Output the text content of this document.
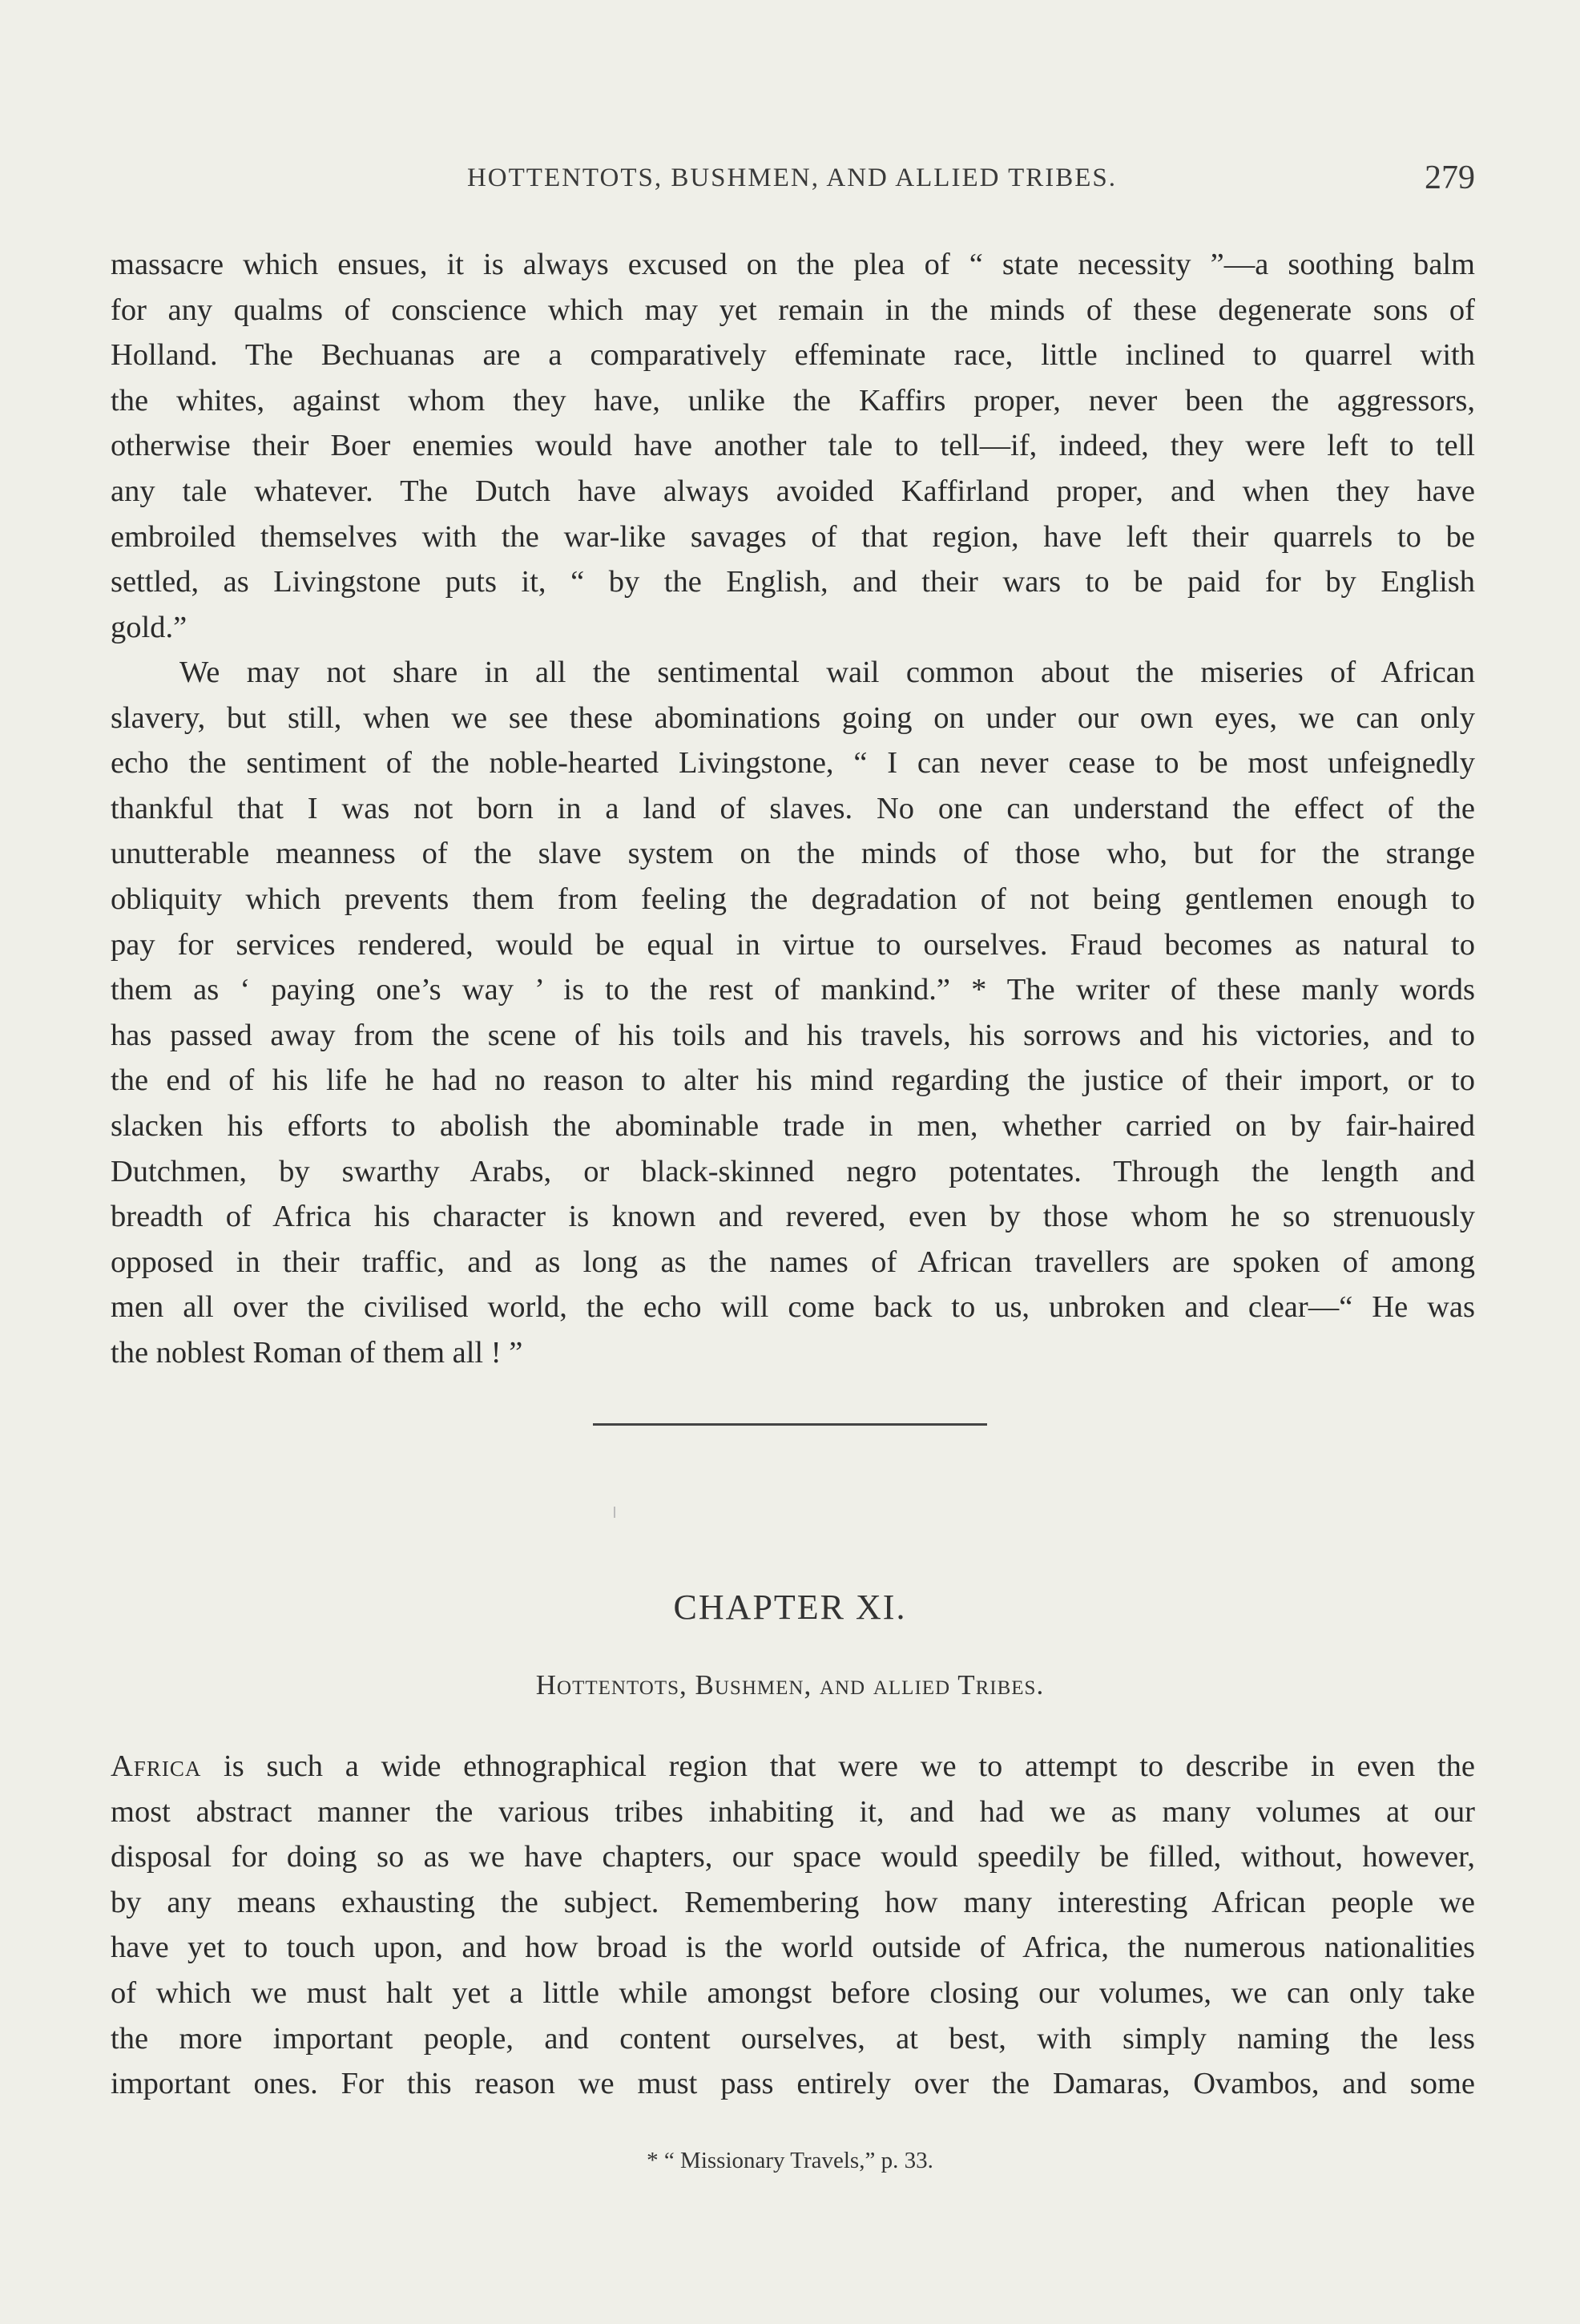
HOTTENTOTS, BUSHMEN, AND ALLIED TRIBES.	279

massacre which ensues, it is always excused on the plea of “ state necessity ”—a soothing balm
for any qualms of conscience which may yet remain in the minds of these degenerate sons of
Holland. The Bechuanas are a comparatively effeminate race, little inclined to quarrel with
the whites, against whom they have, unlike the Kaffirs proper, never been the aggressors,
otherwise their Boer enemies would have another tale to tell—if, indeed, they were left to tell
any tale whatever. The Dutch have always avoided Kaffirland proper, and when they have
embroiled themselves with the war-like savages of that region, have left their quarrels to be
settled, as Livingstone puts it, “ by the English, and their wars to be paid for by English
gold.”

We may not share in all the sentimental wail common about the miseries of African
slavery, but still, when we see these abominations going on under our own eyes, we can only
echo the sentiment of the noble-hearted Livingstone, “ I can never cease to be most unfeignedly
thankful that I was not born in a land of slaves. No one can understand the effect of the
unutterable meanness of the slave system on the minds of those who, but for the strange
obliquity which prevents them from feeling the degradation of not being gentlemen enough to
pay for services rendered, would be equal in virtue to ourselves. Fraud becomes as natural to
them as ‘ paying one’s way ’ is to the rest of mankind.” * The writer of these manly words
has passed away from the scene of his toils and his travels, his sorrows and his victories, and to
the end of his life he had no reason to alter his mind regarding the justice of their import, or to
slacken his efforts to abolish the abominable trade in men, whether carried on by fair-haired
Dutchmen, by swarthy Arabs, or black-skinned negro potentates. Through the length and
breadth of Africa his character is known and revered, even by those whom he so strenuously
opposed in their traffic, and as long as the names of African travellers are spoken of among
men all over the civilised world, the echo will come back to us, unbroken and clear—“ He was
the noblest Roman of them all ! ”

CHAPTER XI.
Hottentots, Bushmen, and allied Tribes.

Africa is such a wide ethnographical region that were we to attempt to describe in even the
most abstract manner the various tribes inhabiting it, and had we as many volumes at our
disposal for doing so as we have chapters, our space would speedily be filled, without, however,
by any means exhausting the subject. Remembering how many interesting African people we
have yet to touch upon, and how broad is the world outside of Africa, the numerous nationalities
of which we must halt yet a little while amongst before closing our volumes, we can only take
the more important people, and content ourselves, at best, with simply naming the less
important ones. For this reason we must pass entirely over the Damaras, Ovambos, and some

* “ Missionary Travels,” p. 33.
